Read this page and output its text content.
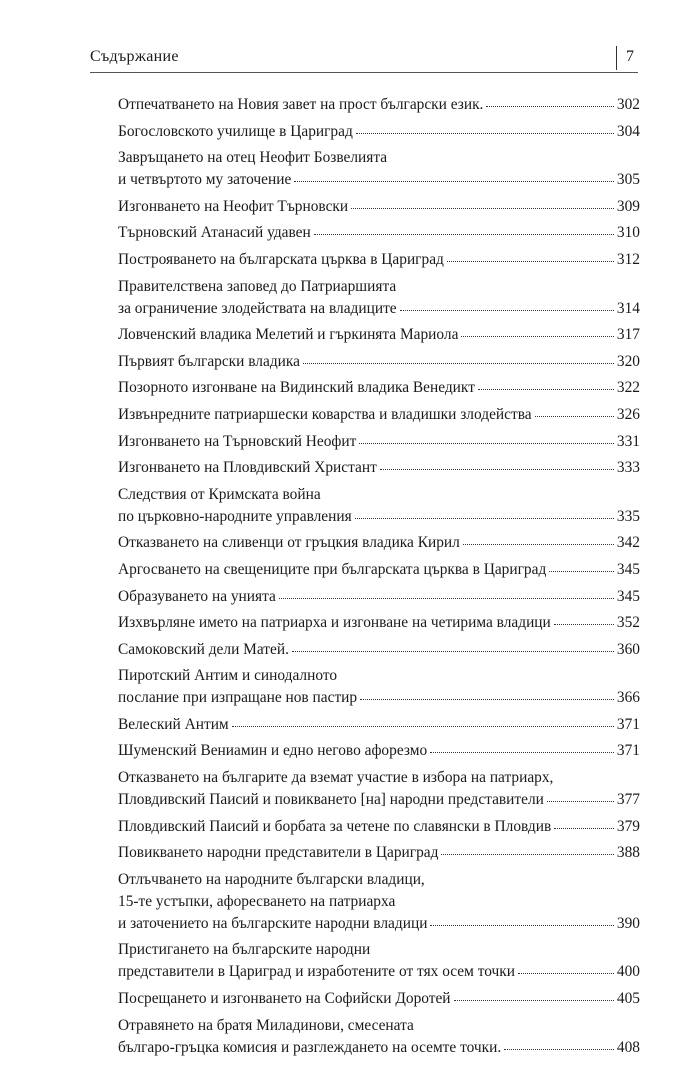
Съдържание	7
Отпечатването на Новия завет на прост български език.	302
Богословското училище в Цариград	304
Завръщането на отец Неофит Бозвелията
и четвъртото му заточение	305
Изгонването на Неофит Търновски	309
Търновский Атанасий удавен	310
Построяването на българската църква в Цариград	312
Правителствена заповед до Патриаршията
за ограничение злодействата на владиците	314
Ловченский владика Мелетий и гъркинята Мариола	317
Първият български владика	320
Позорното изгонване на Видинский владика Венедикт	322
Извънредните патриаршески коварства и владишки злодейства	326
Изгонването на Търновский Неофит	331
Изгонването на Пловдивский Христант	333
Следствия от Кримската война
по църковно-народните управления	335
Отказването на сливенци от гръцкия владика Кирил	342
Аргосването на свещениците при българската църква в Цариград	345
Образуването на унията	345
Изхвърляне името на патриарха и изгонване на четирима владици	352
Самоковский дели Матей.	360
Пиротский Антим и синодалното
послание при изпращане нов пастир	366
Велеский Антим	371
Шуменский Вениамин и едно негово афорезмо	371
Отказването на българите да вземат участие в избора на патриарх,
Пловдивский Паисий и повикването [на] народни представители	377
Пловдивский Паисий и борбата за четене по славянски в Пловдив	379
Повикването народни представители в Цариград	388
Отлъчването на народните български владици,
15-те устъпки, афоресването на патриарха
и заточението на българските народни владици	390
Пристигането на българските народни
представители в Цариград и изработените от тях осем точки	400
Посрещането и изгонването на Софийски Доротей	405
Отравянето на братя Миладинови, смесената
българо-гръцка комисия и разглеждането на осемте точки.	408
